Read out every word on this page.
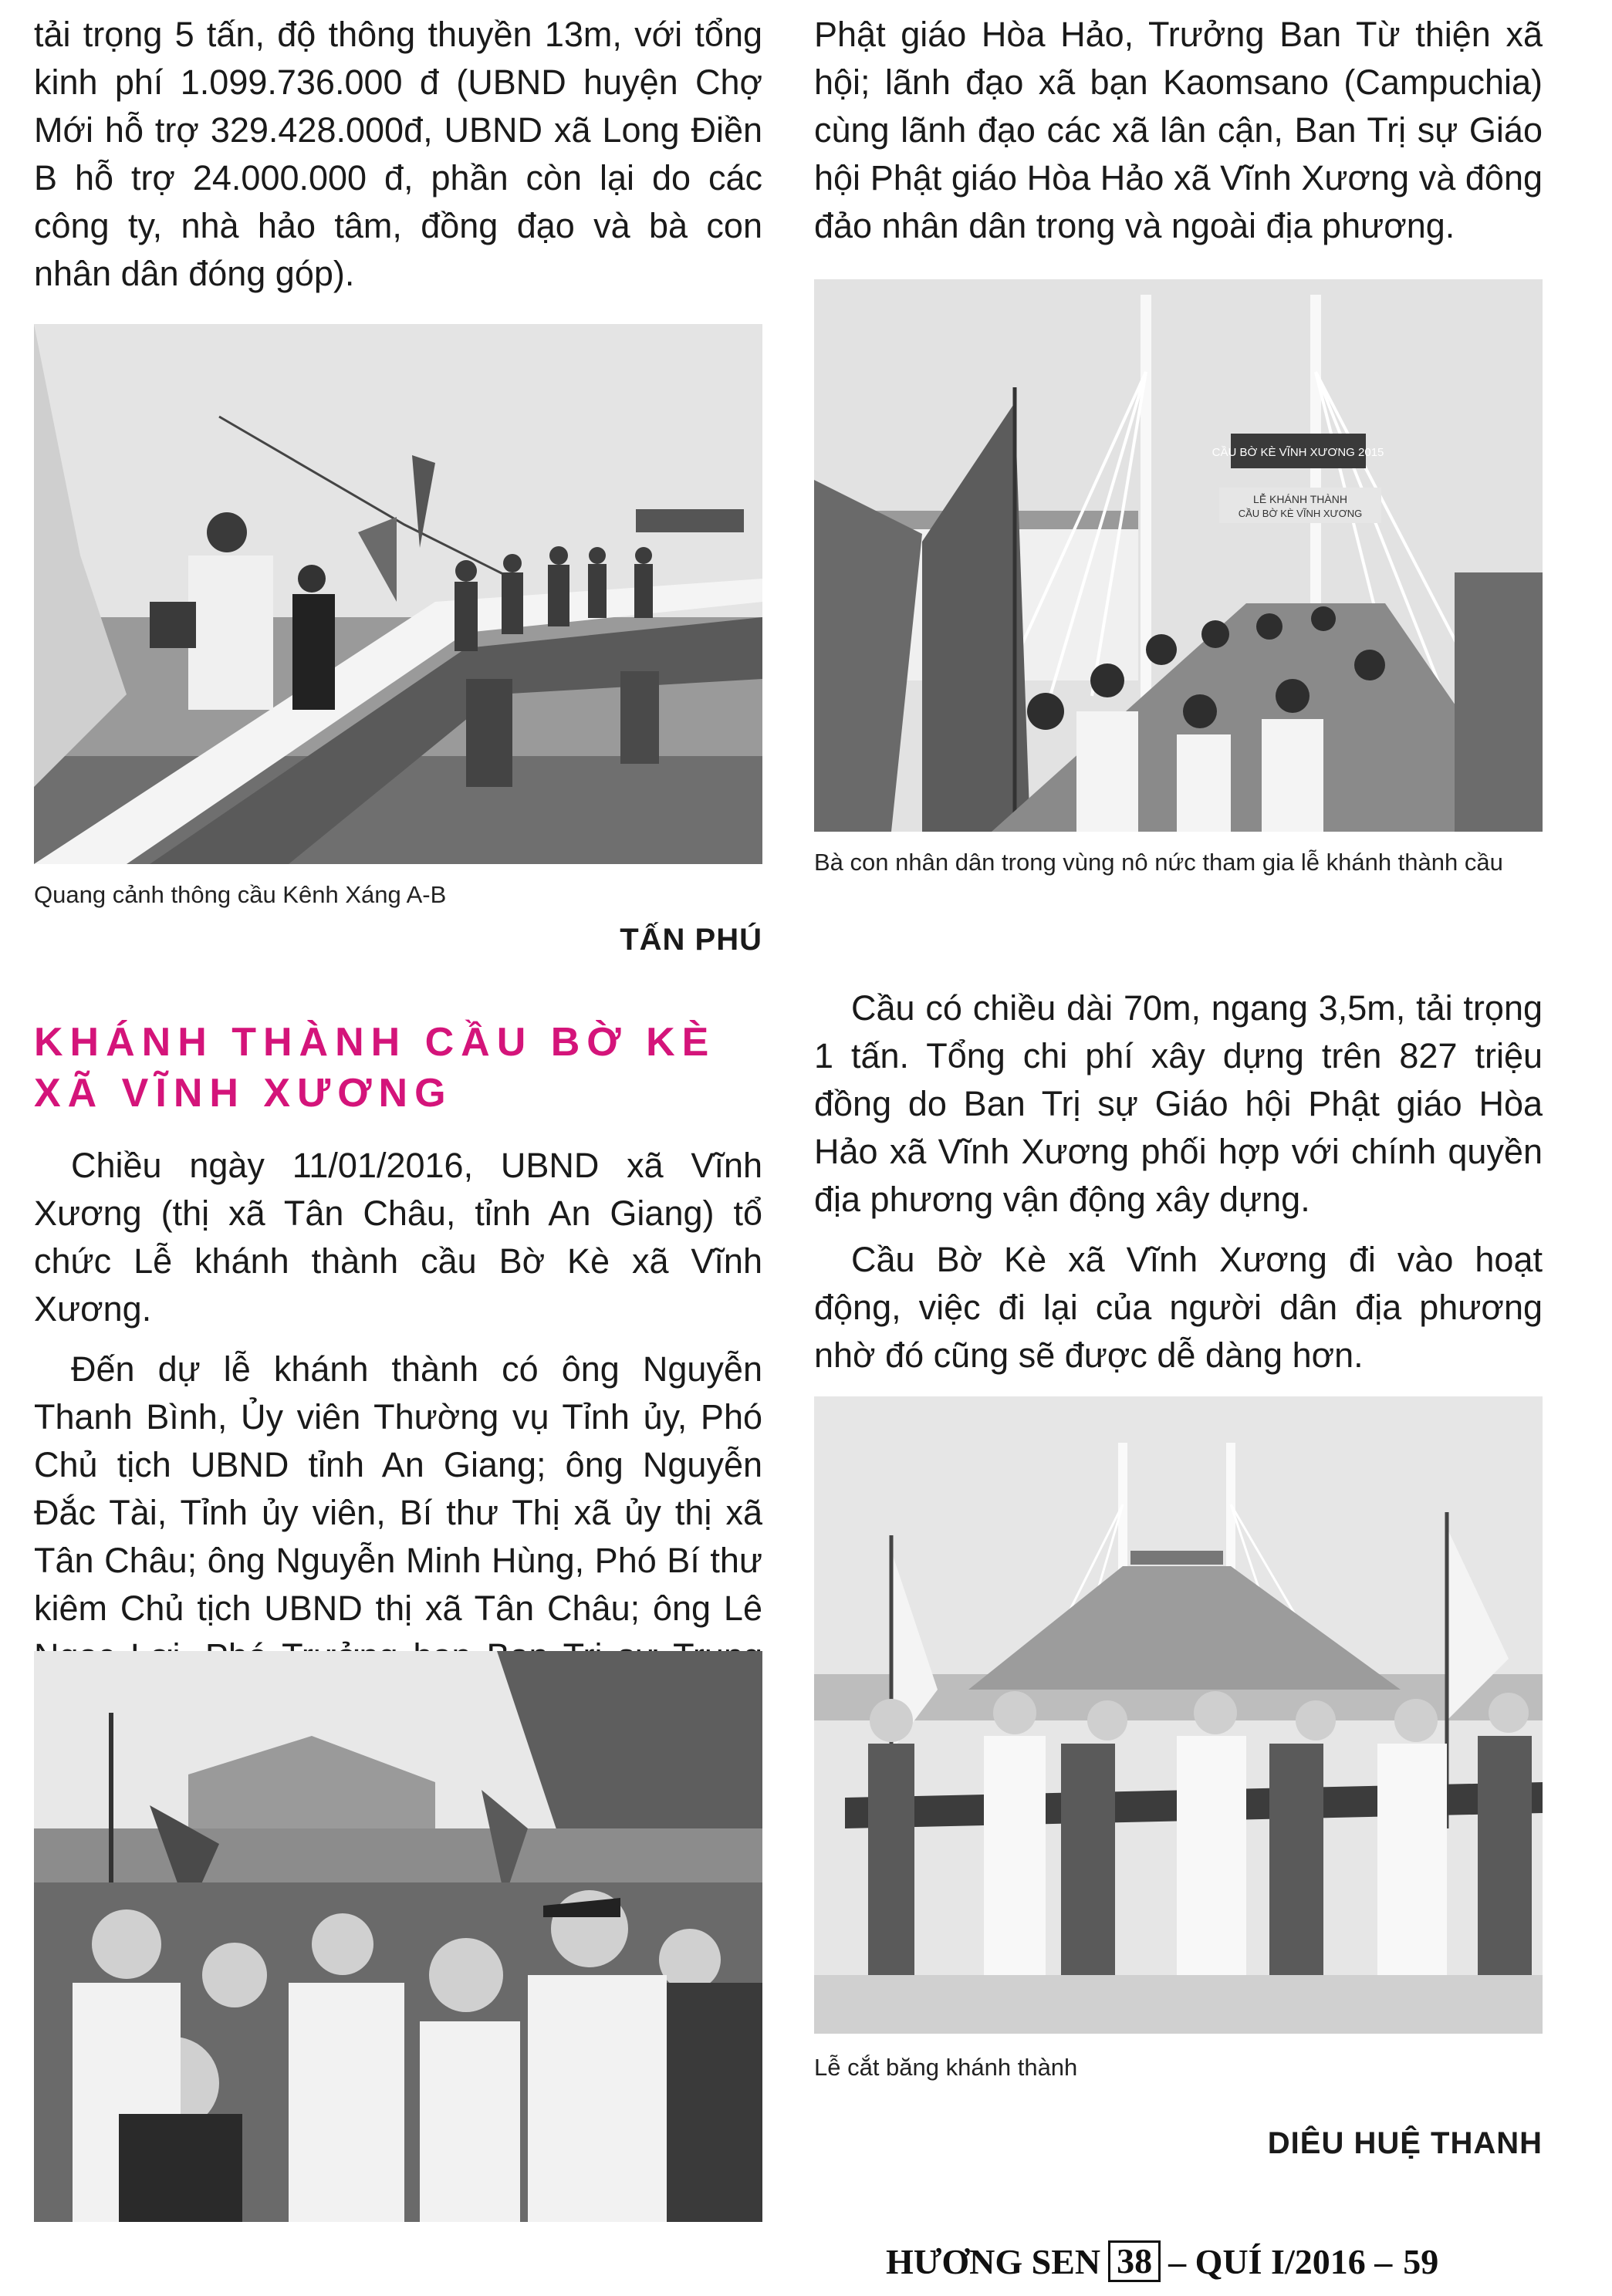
tải trọng 5 tấn, độ thông thuyền 13m, với tổng kinh phí 1.099.736.000 đ (UBND huyện Chợ Mới hỗ trợ 329.428.000đ, UBND xã Long Điền B hỗ trợ 24.000.000 đ, phần còn lại do các công ty, nhà hảo tâm, đồng đạo và bà con nhân dân đóng góp).

Quang cảnh thông cầu Kênh Xáng A-B
TẤN PHÚ
KHÁNH THÀNH CẦU BỜ KÈ XÃ VĨNH XƯƠNG

Chiều ngày 11/01/2016, UBND xã Vĩnh Xương (thị xã Tân Châu, tỉnh An Giang) tổ chức Lễ khánh thành cầu Bờ Kè xã Vĩnh Xương.

Đến dự lễ khánh thành có ông Nguyễn Thanh Bình, Ủy viên Thường vụ Tỉnh ủy, Phó Chủ tịch UBND tỉnh An Giang; ông Nguyễn Đắc Tài, Tỉnh ủy viên, Bí thư Thị xã ủy thị xã Tân Châu; ông Nguyễn Minh Hùng, Phó Bí thư kiêm Chủ tịch UBND thị xã Tân Châu; ông Lê

Phật giáo Hòa Hảo, Trưởng Ban Từ thiện xã hội; lãnh đạo xã bạn Kaomsano (Campuchia) cùng lãnh đạo các xã lân cận, Ban Trị sự Giáo hội Phật giáo Hòa Hảo xã Vĩnh Xương và đông đảo nhân dân trong và ngoài địa phương.

CẦU BỜ KÈ VĨNH XƯƠNG 2015
LỄ KHÁNH THÀNH
CẦU BỜ KÈ VĨNH XƯƠNG
Bà con nhân dân trong vùng nô nức tham gia lễ khánh thành cầu

Cầu có chiều dài 70m, ngang 3,5m, tải trọng 1 tấn. Tổng chi phí xây dựng trên 827 triệu đồng do Ban Trị sự Giáo hội Phật giáo Hòa Hảo xã Vĩnh Xương phối hợp với chính quyền địa phương vận động xây dựng.

Cầu Bờ Kè xã Vĩnh Xương đi vào hoạt động, việc đi lại của người dân địa phương nhờ đó cũng sẽ được dễ dàng hơn.

Lễ cắt băng khánh thành
DIÊU HUỆ THANH
HƯƠNG SEN 38 – QUÍ I/2016 – 59
